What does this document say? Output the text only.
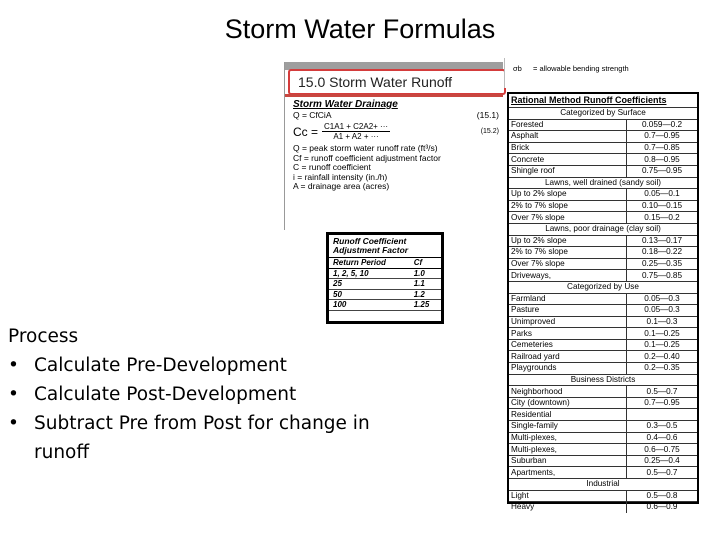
Storm Water Formulas
15.0 Storm Water Runoff
Storm Water Drainage
Q = CfCiA	(15.1)
$Cc = \frac{C1A1 + C2A2+ \cdot\cdot\cdot}{A1 + A2 + \cdot\cdot\cdot}$	(15.2)
Q = peak storm water runoff rate (ft³/s)
Cf = runoff coefficient adjustment factor
C = runoff coefficient
i = rainfall intensity (in./h)
A = drainage area (acres)
σb = allowable bending strength
Runoff Coefficient Adjustment Factor
Return Period	Cf
1, 2, 5, 10	1.0
25	1.1
50	1.2
100	1.25
Rational Method Runoff Coefficients
Categorized by Surface	
Forested	0.059—0.2
Asphalt	0.7—0.95
Brick	0.7—0.85
Concrete	0.8—0.95
Shingle roof	0.75—0.95
Lawns, well drained (sandy soil)	
Up to 2% slope	0.05—0.1
2% to 7% slope	0.10—0.15
Over 7% slope	0.15—0.2
Lawns, poor drainage (clay soil)	
Up to 2% slope	0.13—0.17
2% to 7% slope	0.18—0.22
Over 7% slope	0.25—0.35
Driveways,	0.75—0.85
Categorized by Use	
Farmland	0.05—0.3
Pasture	0.05—0.3
Unimproved	0.1—0.3
Parks	0.1—0.25
Cemeteries	0.1—0.25
Railroad yard	0.2—0.40
Playgrounds	0.2—0.35
Business Districts	
Neighborhood	0.5—0.7
City (downtown)	0.7—0.95
Residential	
Single-family	0.3—0.5
Multi-plexes,	0.4—0.6
Multi-plexes,	0.6—0.75
Suburban	0.25—0.4
Apartments,	0.5—0.7
Industrial	
Light	0.5—0.8
Heavy	0.6—0.9
Process
• Calculate Pre-Development
• Calculate Post-Development
• Subtract Pre from Post for change in runoff
